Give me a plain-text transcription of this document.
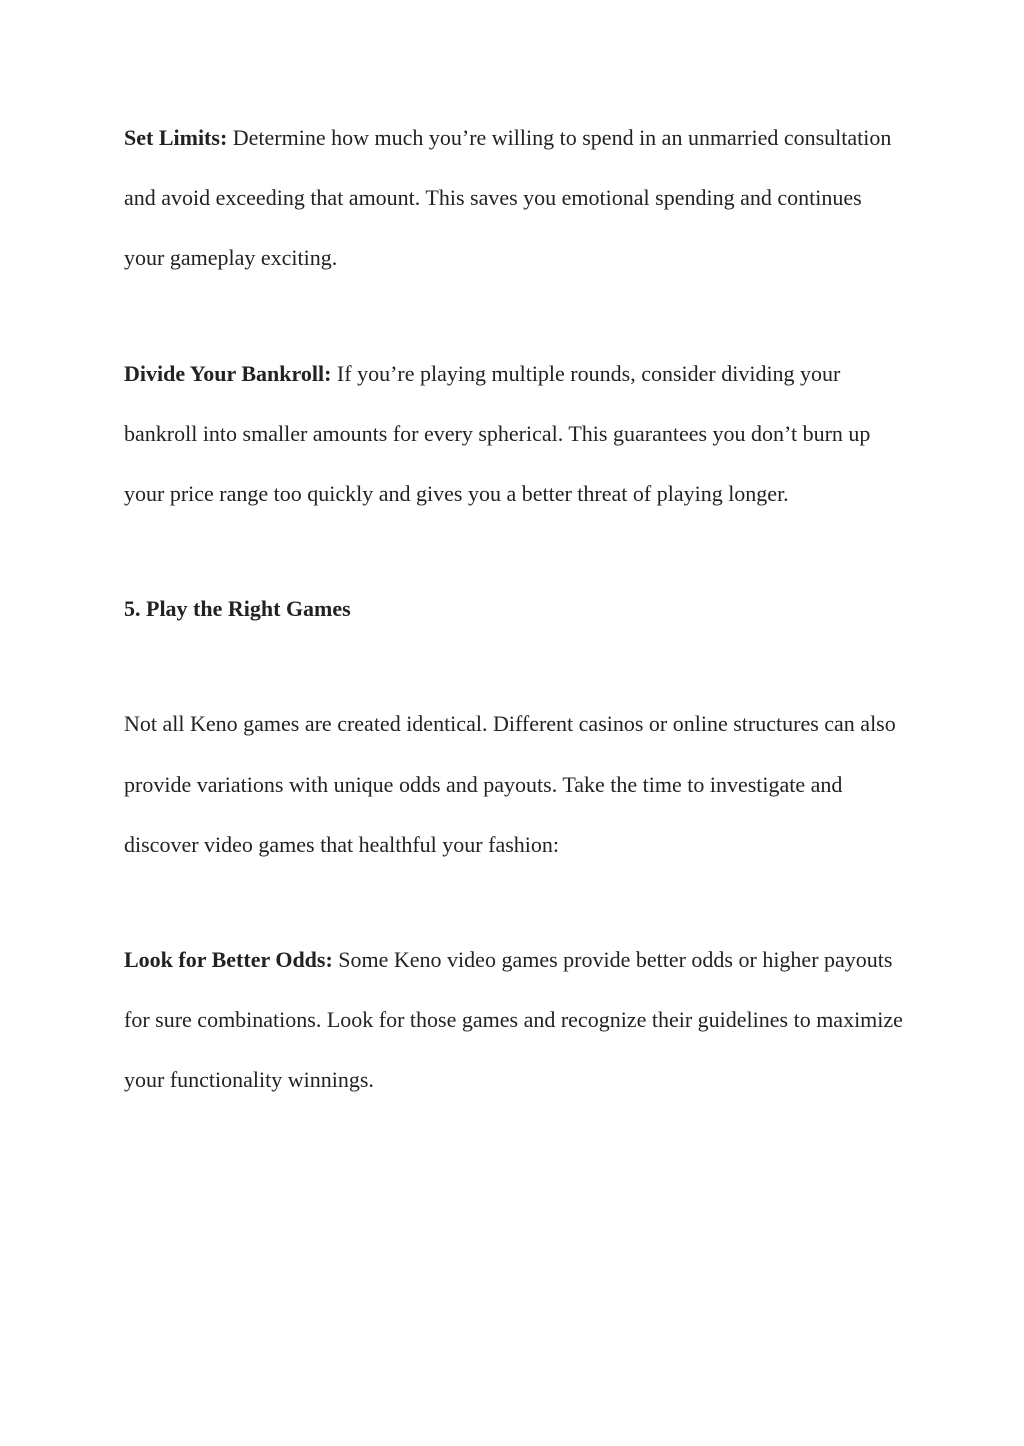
Set Limits: Determine how much you’re willing to spend in an unmarried consultation and avoid exceeding that amount. This saves you emotional spending and continues your gameplay exciting.

Divide Your Bankroll: If you’re playing multiple rounds, consider dividing your bankroll into smaller amounts for every spherical. This guarantees you don’t burn up your price range too quickly and gives you a better threat of playing longer.

5. Play the Right Games

Not all Keno games are created identical. Different casinos or online structures can also provide variations with unique odds and payouts. Take the time to investigate and discover video games that healthful your fashion:

Look for Better Odds: Some Keno video games provide better odds or higher payouts for sure combinations. Look for those games and recognize their guidelines to maximize your functionality winnings.
